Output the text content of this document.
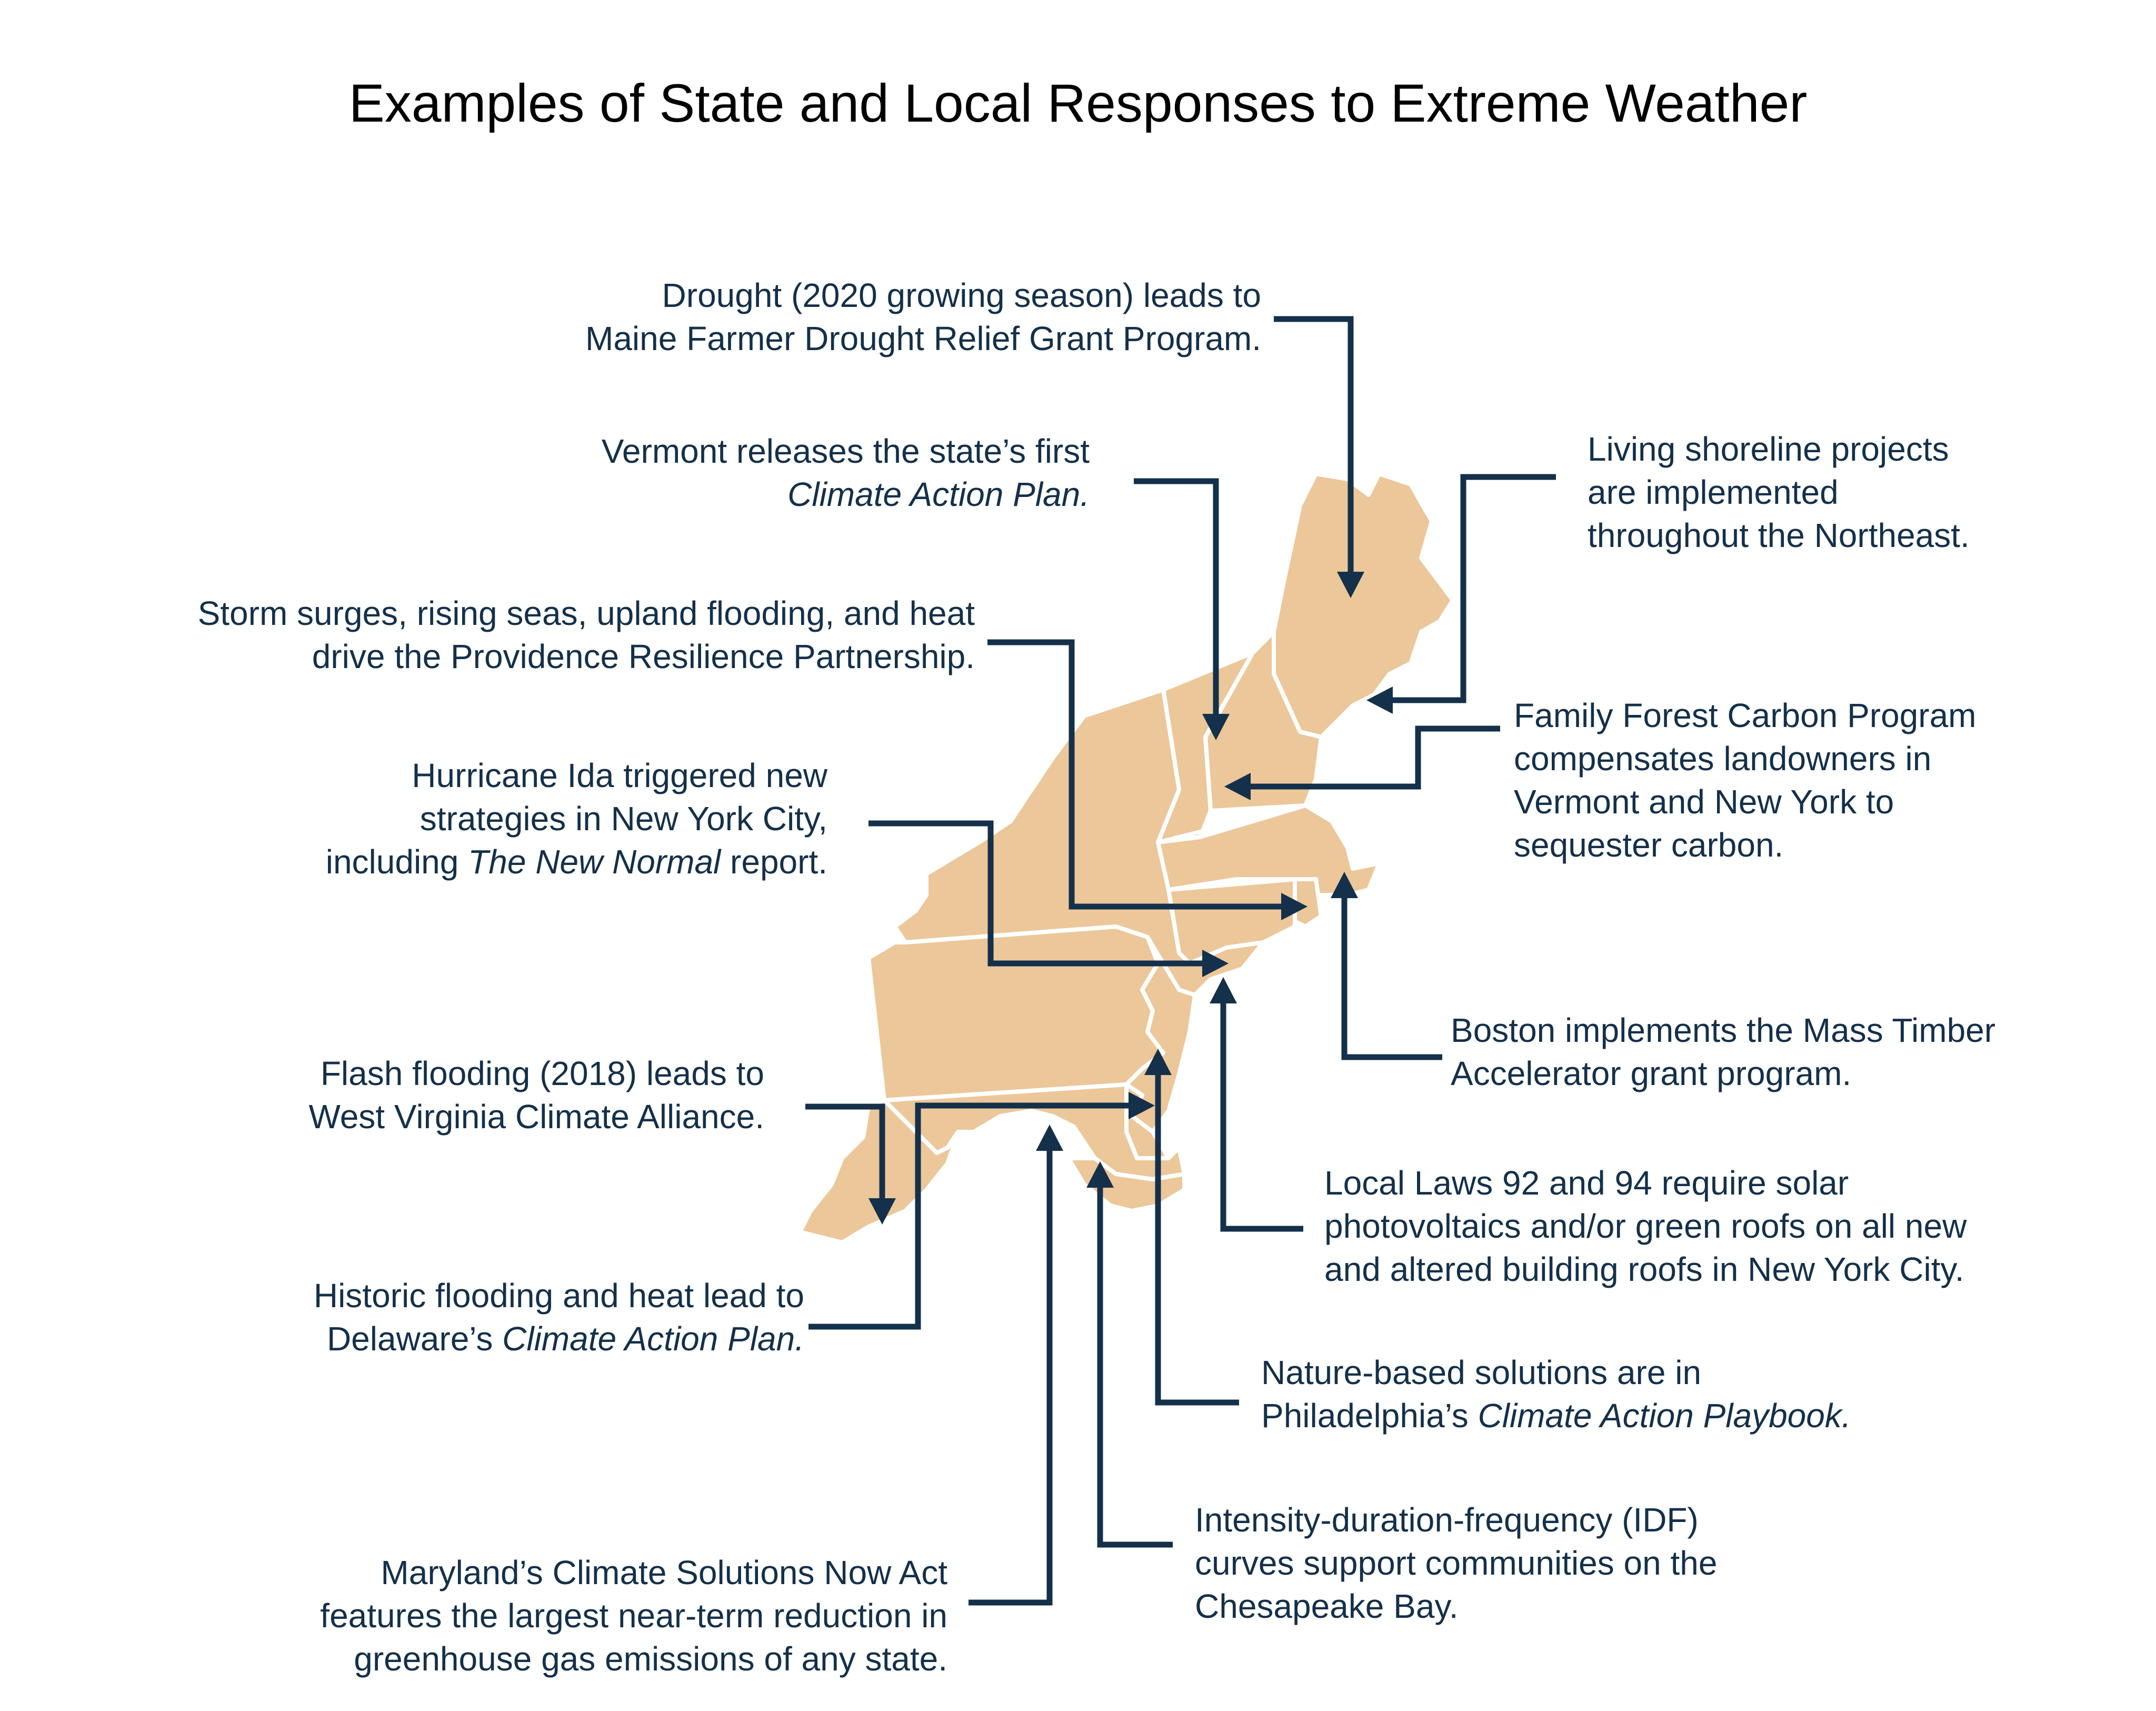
Examples of State and Local Responses to Extreme Weather
Drought (2020 growing season) leads to
Maine Farmer Drought Relief Grant Program.
Vermont releases the state’s first
Climate Action Plan.
Storm surges, rising seas, upland flooding, and heat
drive the Providence Resilience Partnership.
Hurricane Ida triggered new
strategies in New York City,
including The New Normal report.
Flash flooding (2018) leads to
West Virginia Climate Alliance.
Historic flooding and heat lead to
Delaware’s Climate Action Plan.
Maryland’s Climate Solutions Now Act
features the largest near-term reduction in
greenhouse gas emissions of any state.
Living shoreline projects
are implemented
throughout the Northeast.
Family Forest Carbon Program
compensates landowners in
Vermont and New York to
sequester carbon.
Boston implements the Mass Timber
Accelerator grant program.
Local Laws 92 and 94 require solar
photovoltaics and/or green roofs on all new
and altered building roofs in New York City.
Nature-based solutions are in
Philadelphia’s Climate Action Playbook.
Intensity-duration-frequency (IDF)
curves support communities on the
Chesapeake Bay.
